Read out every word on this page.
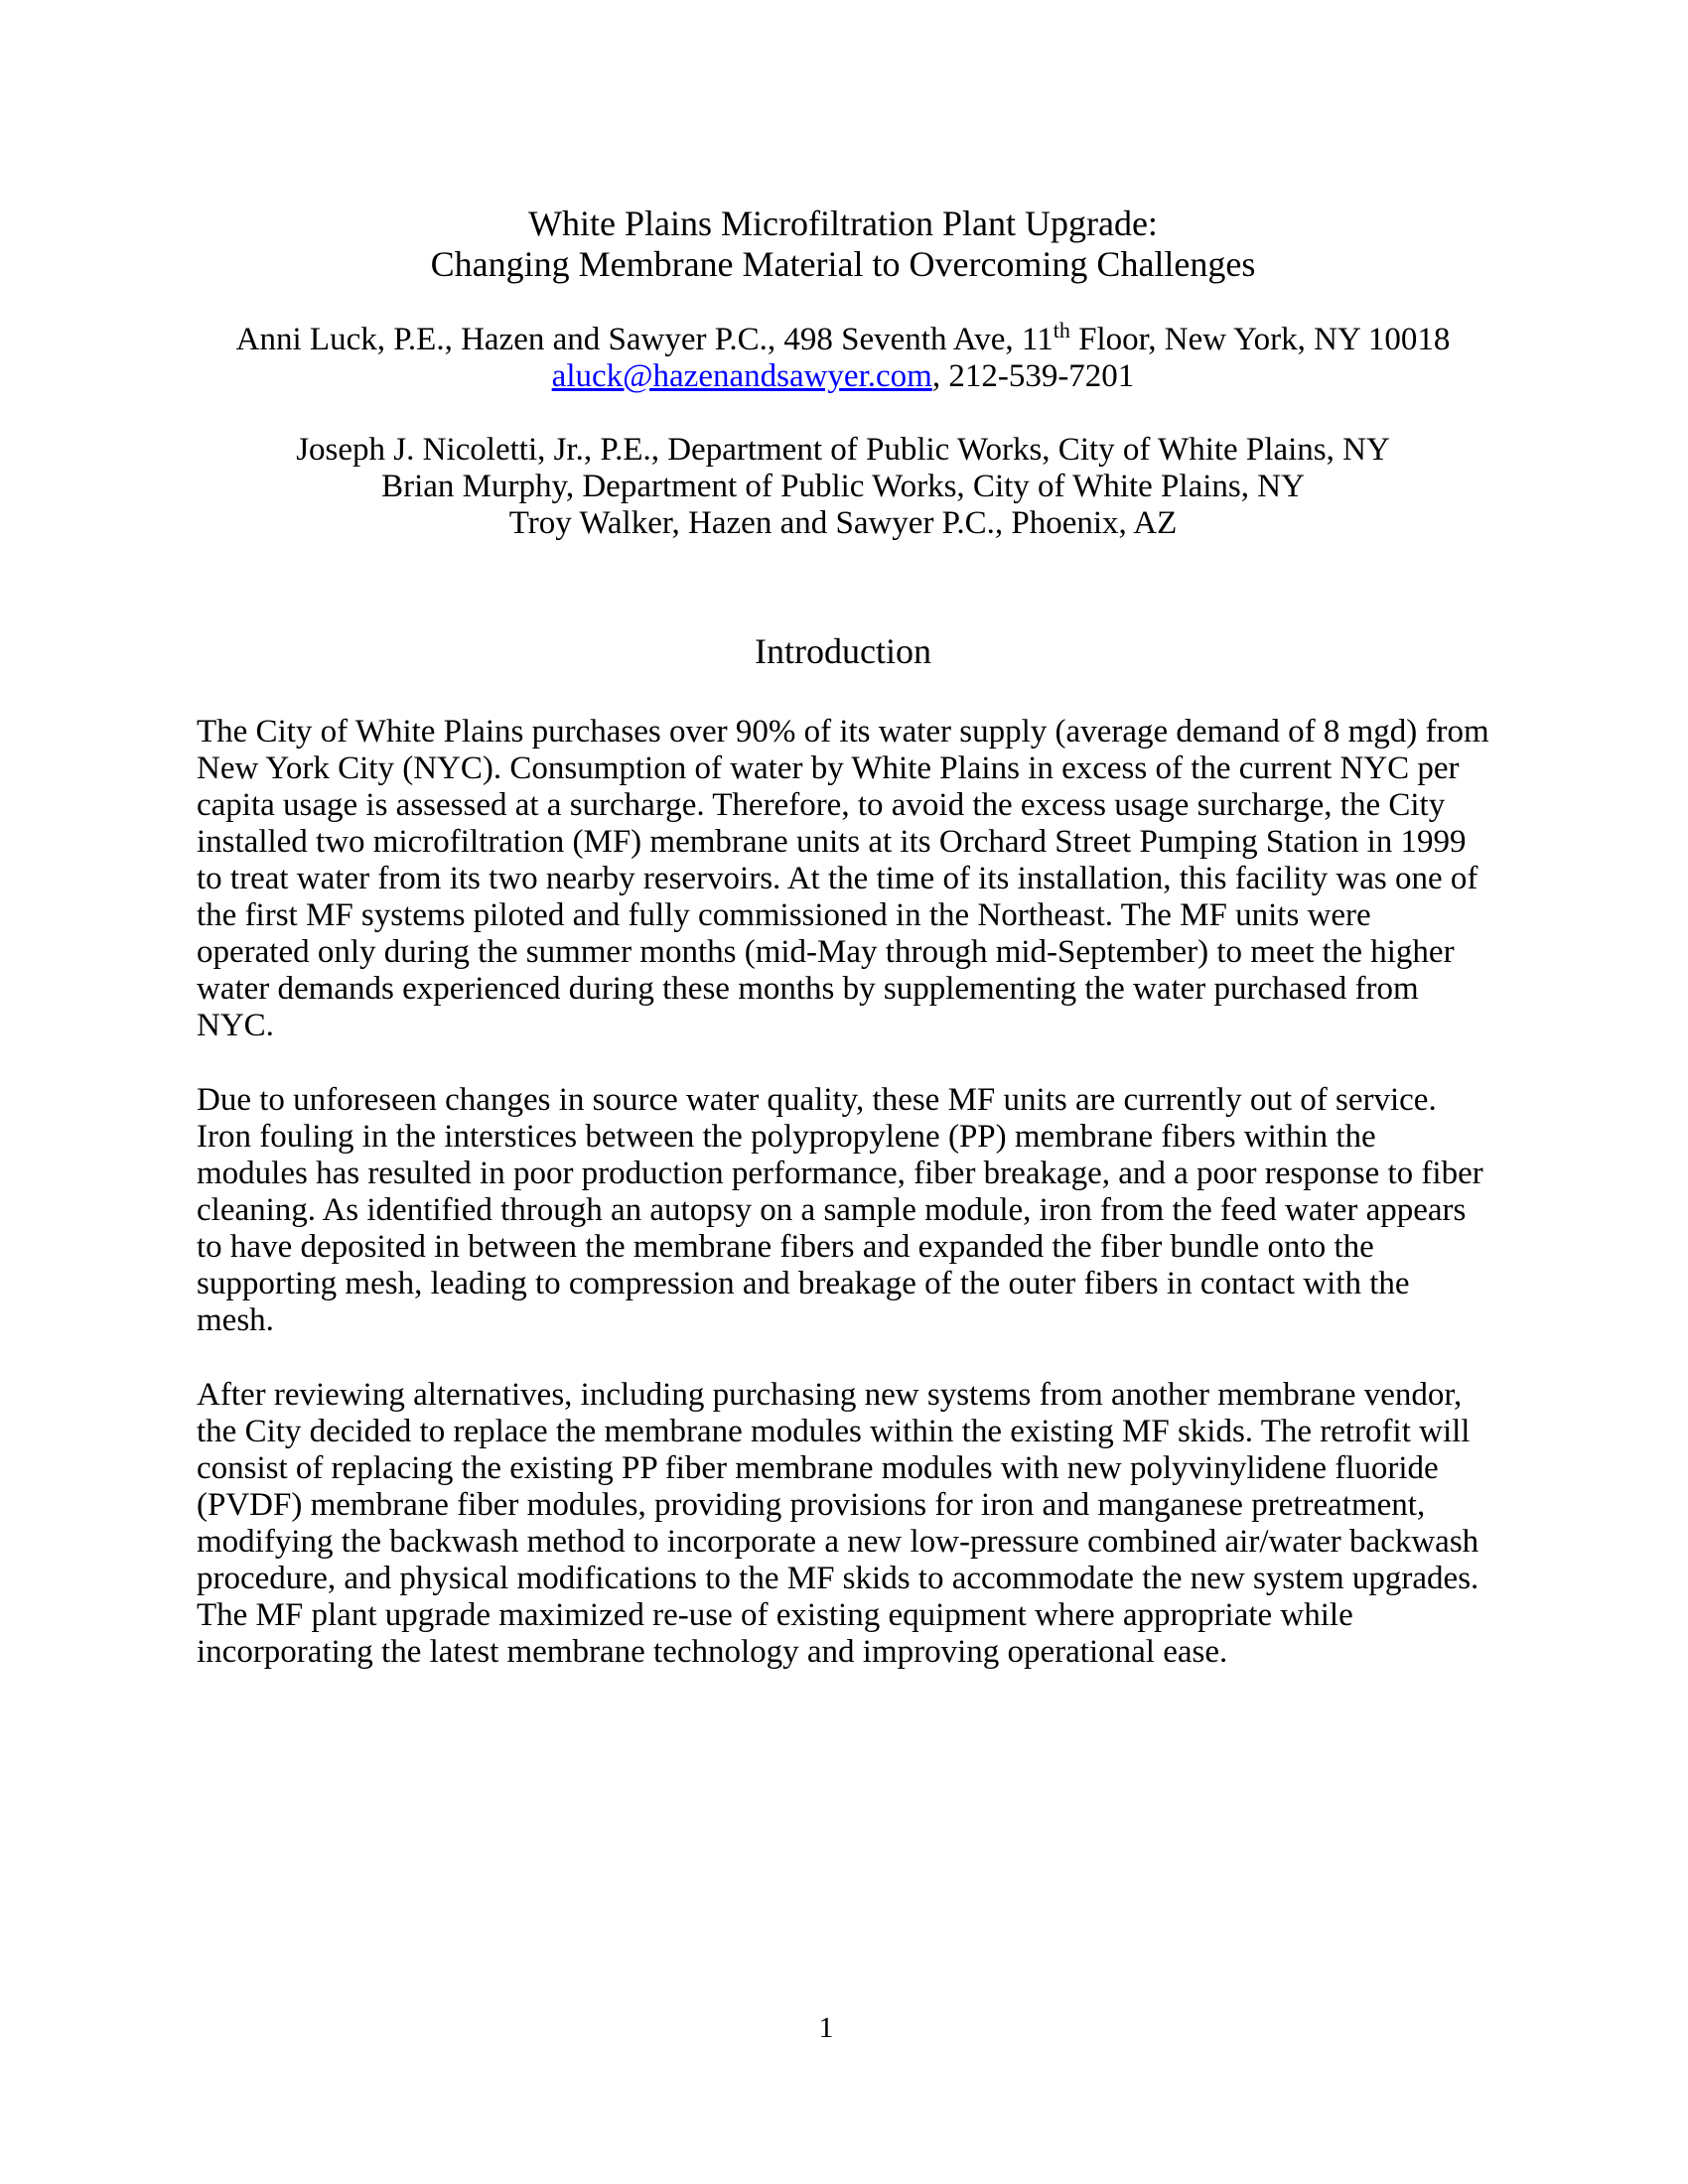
White Plains Microfiltration Plant Upgrade:
Changing Membrane Material to Overcoming Challenges
Anni Luck, P.E., Hazen and Sawyer P.C., 498 Seventh Ave, 11th Floor, New York, NY 10018
aluck@hazenandsawyer.com, 212-539-7201
Joseph J. Nicoletti, Jr., P.E., Department of Public Works, City of White Plains, NY
Brian Murphy, Department of Public Works, City of White Plains, NY
Troy Walker, Hazen and Sawyer P.C., Phoenix, AZ
Introduction

The City of White Plains purchases over 90% of its water supply (average demand of 8 mgd) from New York City (NYC). Consumption of water by White Plains in excess of the current NYC per capita usage is assessed at a surcharge. Therefore, to avoid the excess usage surcharge, the City installed two microfiltration (MF) membrane units at its Orchard Street Pumping Station in 1999 to treat water from its two nearby reservoirs. At the time of its installation, this facility was one of the first MF systems piloted and fully commissioned in the Northeast. The MF units were operated only during the summer months (mid-May through mid-September) to meet the higher water demands experienced during these months by supplementing the water purchased from NYC.

Due to unforeseen changes in source water quality, these MF units are currently out of service. Iron fouling in the interstices between the polypropylene (PP) membrane fibers within the modules has resulted in poor production performance, fiber breakage, and a poor response to fiber cleaning. As identified through an autopsy on a sample module, iron from the feed water appears to have deposited in between the membrane fibers and expanded the fiber bundle onto the supporting mesh, leading to compression and breakage of the outer fibers in contact with the mesh.

After reviewing alternatives, including purchasing new systems from another membrane vendor, the City decided to replace the membrane modules within the existing MF skids. The retrofit will consist of replacing the existing PP fiber membrane modules with new polyvinylidene fluoride (PVDF) membrane fiber modules, providing provisions for iron and manganese pretreatment, modifying the backwash method to incorporate a new low-pressure combined air/water backwash procedure, and physical modifications to the MF skids to accommodate the new system upgrades. The MF plant upgrade maximized re-use of existing equipment where appropriate while incorporating the latest membrane technology and improving operational ease.

1
